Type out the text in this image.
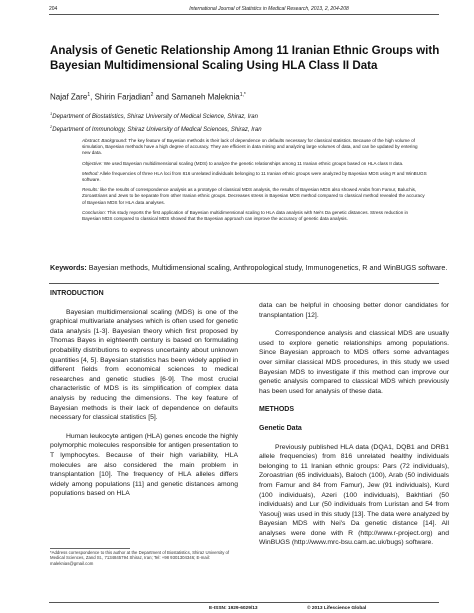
204	International Journal of Statistics in Medical Research, 2013, 2, 204-208
Analysis of Genetic Relationship Among 11 Iranian Ethnic Groups with Bayesian Multidimensional Scaling Using HLA Class II Data
Najaf Zare$^1$, Shirin Farjadian$^2$ and Samaneh Maleknia$^{1,*}$
$^1$Department of Biostatistics, Shiraz University of Medical Science, Shiraz, Iran
$^2$Department of Immunology, Shiraz University of Medical Sciences, Shiraz, Iran

Abstract: Background: The key feature of Bayesian methods is their lack of dependence on defaults necessary for classical statistics. Because of the high volume of simulation, Bayesian methods have a high degree of accuracy. They are efficient in data mining and analyzing large volumes of data, and can be updated by entering new data.

Objective: We used Bayesian multidimensional scaling (MDS) to analyze the genetic relationships among 11 Iranian ethnic groups based on HLA class II data.

Method: Allele frequencies of three HLA loci from 816 unrelated individuals belonging to 11 Iranian ethnic groups were analyzed by Bayesian MDS using R and WinBUGS software.

Results: like the results of correspondence analysis as a prototype of classical MDS analysis, the results of Bayesian MDS also showed Arabs from Famur, Baluchis, Zoroastrians and Jews to be separate from other Iranian ethnic groups. Decreases stress in Bayesian MDS method compared to classical method revealed the accuracy of Bayesian MDS for HLA data analyses.

Conclusion: This study reports the first application of Bayesian multidimensional scaling to HLA data analysis with Nei's Da genetic distances. Stress reduction in Bayesian MDS compared to classical MDS showed that the Bayesian approach can improve the accuracy of genetic data analysis.

Keywords: Bayesian methods, Multidimensional scaling, Anthropological study, Immunogenetics, R and WinBUGS software.
INTRODUCTION

Bayesian multidimensional scaling (MDS) is one of the graphical multivariate analyses which is often used for genetic data analysis [1-3]. Bayesian theory which first proposed by Thomas Bayes in eighteenth century is based on formulating probability distributions to express uncertainty about unknown quantities [4, 5]. Bayesian statistics has been widely applied in different fields from economical sciences to medical researches and genetic studies [6-9]. The most crucial characteristic of MDS is its simplification of complex data analysis by reducing the dimensions. The key feature of Bayesian methods is their lack of dependence on defaults necessary for classical statistics [5].

Human leukocyte antigen (HLA) genes encode the highly polymorphic molecules responsible for antigen presentation to T lymphocytes. Because of their high variability, HLA molecules are also considered the main problem in transplantation [10]. The frequency of HLA alleles differs widely among populations [11] and genetic distances among populations based on HLA

*Address correspondence to this author at the Department of Biostatistics, Shiraz University of Medical Sciences, Zand St., 7134845794 Shiraz, Iran; Tel: +98 9301304346; E-mail: maleknias@gmail.com

data can be helpful in choosing better donor candidates for transplantation [12].

Correspondence analysis and classical MDS are usually used to explore genetic relationships among populations. Since Bayesian approach to MDS offers some advantages over similar classical MDS procedures, in this study we used Bayesian MDS to investigate if this method can improve our genetic analysis compared to classical MDS which previously has been used for analysis of these data.

METHODS
Genetic Data

Previously published HLA data (DQA1, DQB1 and DRB1 allele frequencies) from 816 unrelated healthy individuals belonging to 11 Iranian ethnic groups: Pars (72 individuals), Zoroastrian (65 individuals), Baloch (100), Arab (50 individuals from Famur and 84 from Famur), Jew (91 individuals), Kurd (100 individuals), Azeri (100 individuals), Bakhtiari (50 individuals) and Lur (50 individuals from Luristan and 54 from Yasouj) was used in this study [13]. The data were analyzed by Bayesian MDS with Nei's Da genetic distance [14]. All analyses were done with R (http://www.r-project.org) and WinBUGS (http://www.mrc-bsu.cam.ac.uk/bugs) software.

E-ISSN: 1929-6029/13	© 2013 Lifescience Global
